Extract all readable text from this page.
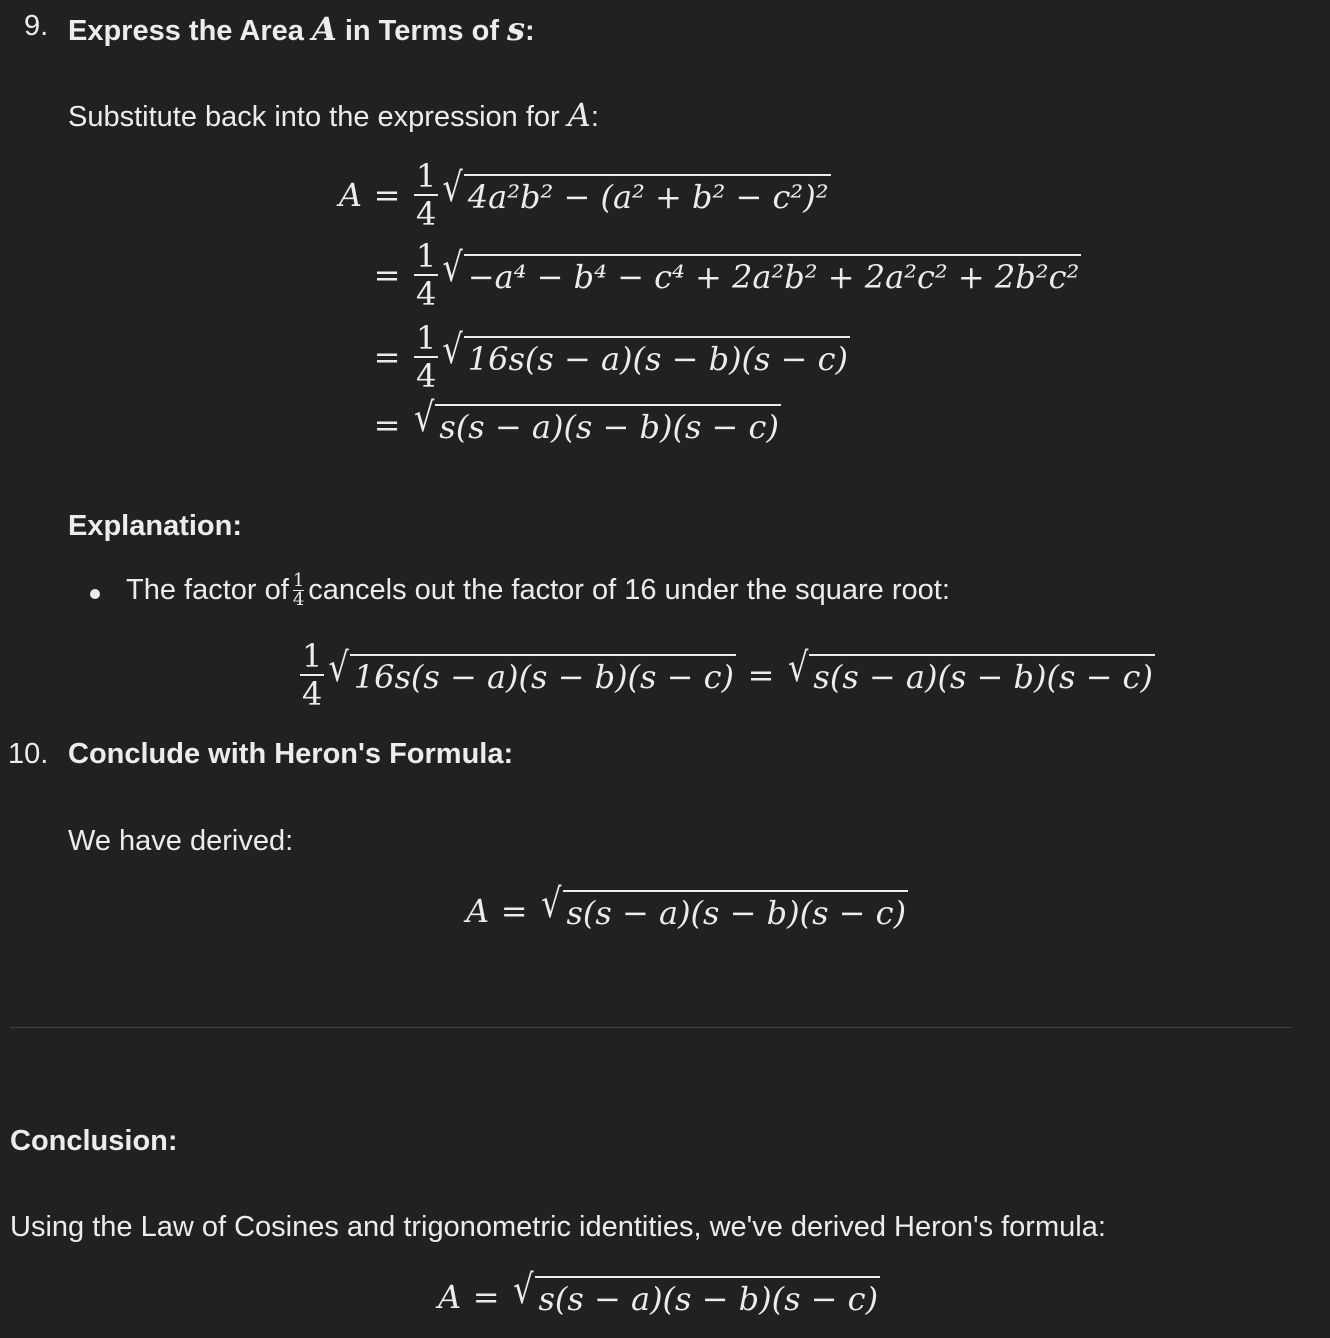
9. Express the Area A in Terms of s:
Substitute back into the expression for A:
$A = \frac{1}{4}$ √ 4a²b² − (a² + b² − c²)²
= $\frac{1}{4}$ √ −a⁴ − b⁴ − c⁴ + 2a²b² + 2a²c² + 2b²c²
= $\frac{1}{4}$ √ 16s(s − a)(s − b)(s − c)
= √ s(s − a)(s − b)(s − c)
Explanation:
The factor of $\frac{1}{4}$ cancels out the factor of 16 under the square root:
$\frac{1}{4}$ √ 16s(s − a)(s − b)(s − c) = √ s(s − a)(s − b)(s − c)
10. Conclude with Heron's Formula:
We have derived:
A = √ s(s − a)(s − b)(s − c)
Conclusion:
Using the Law of Cosines and trigonometric identities, we've derived Heron's formula:
A = √ s(s − a)(s − b)(s − c)
